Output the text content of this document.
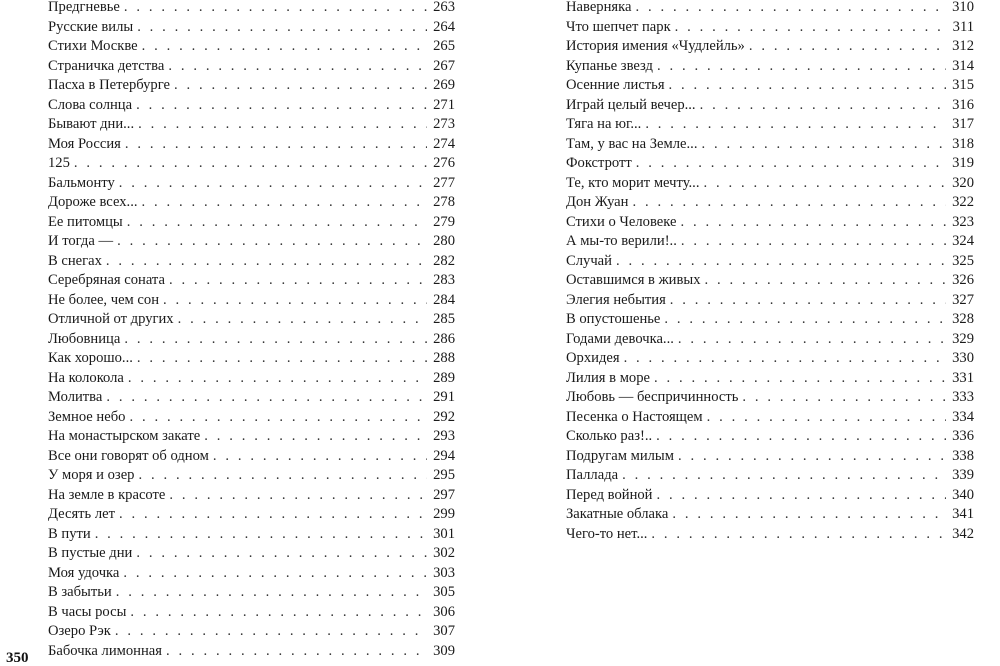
Предгневье . . .	263
Русские вилы . . .	264
Стихи Москве . . .	265
Страничка детства . . .	267
Пасха в Петербурге . . .	269
Слова солнца . . .	271
Бывают дни... . . .	273
Моя Россия . . .	274
125 . . .	276
Бальмонту . . .	277
Дороже всех... . . .	278
Ее питомцы . . .	279
И тогда — . . .	280
В снегах . . .	282
Серебряная соната . . .	283
Не более, чем сон . . .	284
Отличной от других . . .	285
Любовница . . .	286
Как хорошо... . . .	288
На колокола . . .	289
Молитва . . .	291
Земное небо . . .	292
На монастырском закате . . .	293
Все они говорят об одном . . .	294
У моря и озер . . .	295
На земле в красоте . . .	297
Десять лет . . .	299
В пути . . .	301
В пустые дни . . .	302
Моя удочка . . .	303
В забытьи . . .	305
В часы росы . . .	306
Озеро Рэк . . .	307
Бабочка лимонная . . .	309
350
Наверняка . . .	310
Что шепчет парк . . .	311
История имения «Чудлейль» . . .	312
Купанье звезд . . .	314
Осенние листья . . .	315
Играй целый вечер... . . .	316
Тяга на юг... . . .	317
Там, у вас на Земле... . . .	318
Фокстротт . . .	319
Те, кто морит мечту... . . .	320
Дон Жуан . . .	322
Стихи о Человеке . . .	323
А мы-то верили!.. . . .	324
Случай . . .	325
Оставшимся в живых . . .	326
Элегия небытия . . .	327
В опустошенье . . .	328
Годами девочка... . . .	329
Орхидея . . .	330
Лилия в море . . .	331
Любовь — беспричинность . . .	333
Песенка о Настоящем . . .	334
Сколько раз!.. . . .	336
Подругам милым . . .	338
Паллада . . .	339
Перед войной . . .	340
Закатные облака . . .	341
Чего-то нет... . . .	342
